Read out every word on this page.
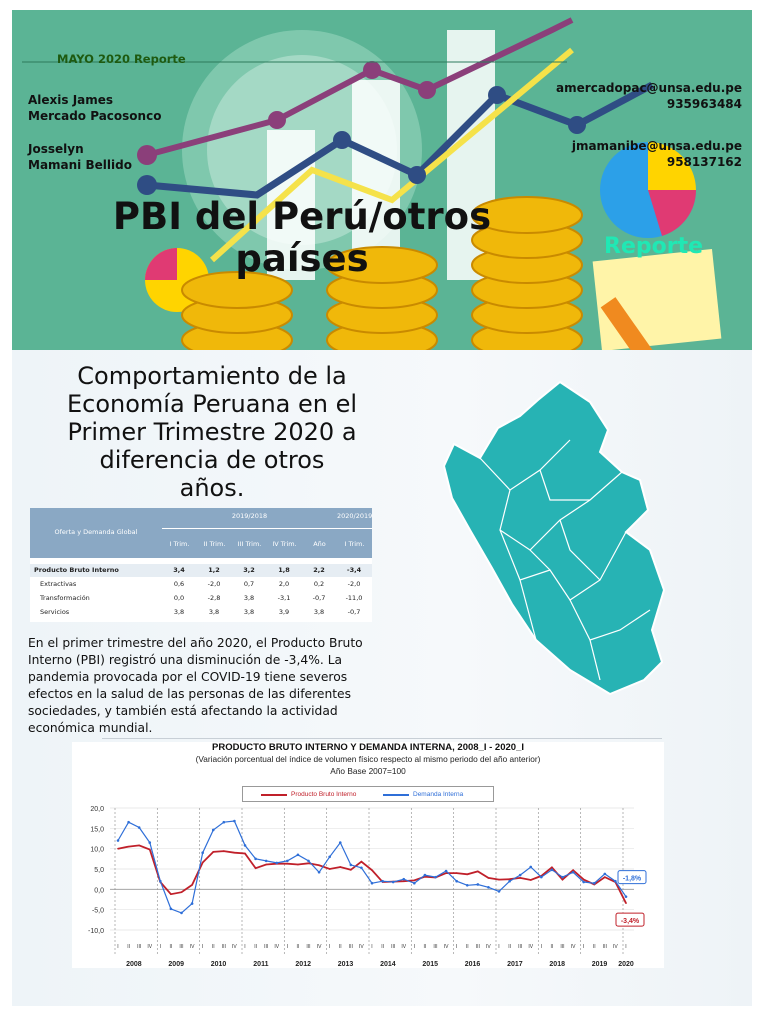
MAYO 2020 Reporte
Alexis James
Mercado Pacosonco
Josselyn
Mamani Bellido
amercadopac@unsa.edu.pe
935963484
jmamanibe@unsa.edu.pe
958137162
PBI del Perú/otros
países	Reporte
Comportamiento de la
Economía Peruana en el
Primer Trimestre 2020 a
diferencia de otros
años.
Oferta y Demanda Global
2019/2018	2020/2019
I Trim.	II Trim.	III Trim.	IV Trim.	Año	I Trim.
Producto Bruto Interno	3,4	1,2	3,2	1,8	2,2	-3,4
Extractivas	0,6	-2,0	0,7	2,0	0,2	-2,0
Transformación	0,0	-2,8	3,8	-3,1	-0,7	-11,0
Servicios	3,8	3,8	3,8	3,9	3,8	-0,7
En el primer trimestre del año 2020, el Producto Bruto Interno (PBI) registró una disminución de -3,4%. La pandemia provocada por el COVID-19 tiene severos efectos en la salud de las personas de las diferentes sociedades, y también está afectando la actividad económica mundial.
PRODUCTO BRUTO INTERNO Y DEMANDA INTERNA, 2008_I - 2020_I
(Variación porcentual del índice de volumen físico respecto al mismo periodo del año anterior)
Año Base 2007=100
Producto Bruto Interno	Demanda Interna
20,0
15,0
10,0
5,0
0,0
-5,0
-10,0
2008
I II III IV
2009
I II III IV
2010
I II III IV
2011
I II III IV
2012
I II III IV
2013
I II III IV
2014
I II III IV
2015
I II III IV
2016
I II III IV
2017
I II III IV
2018
I II III IV
2019
I II III IV
2020
I
-1,8%
-3,4%
